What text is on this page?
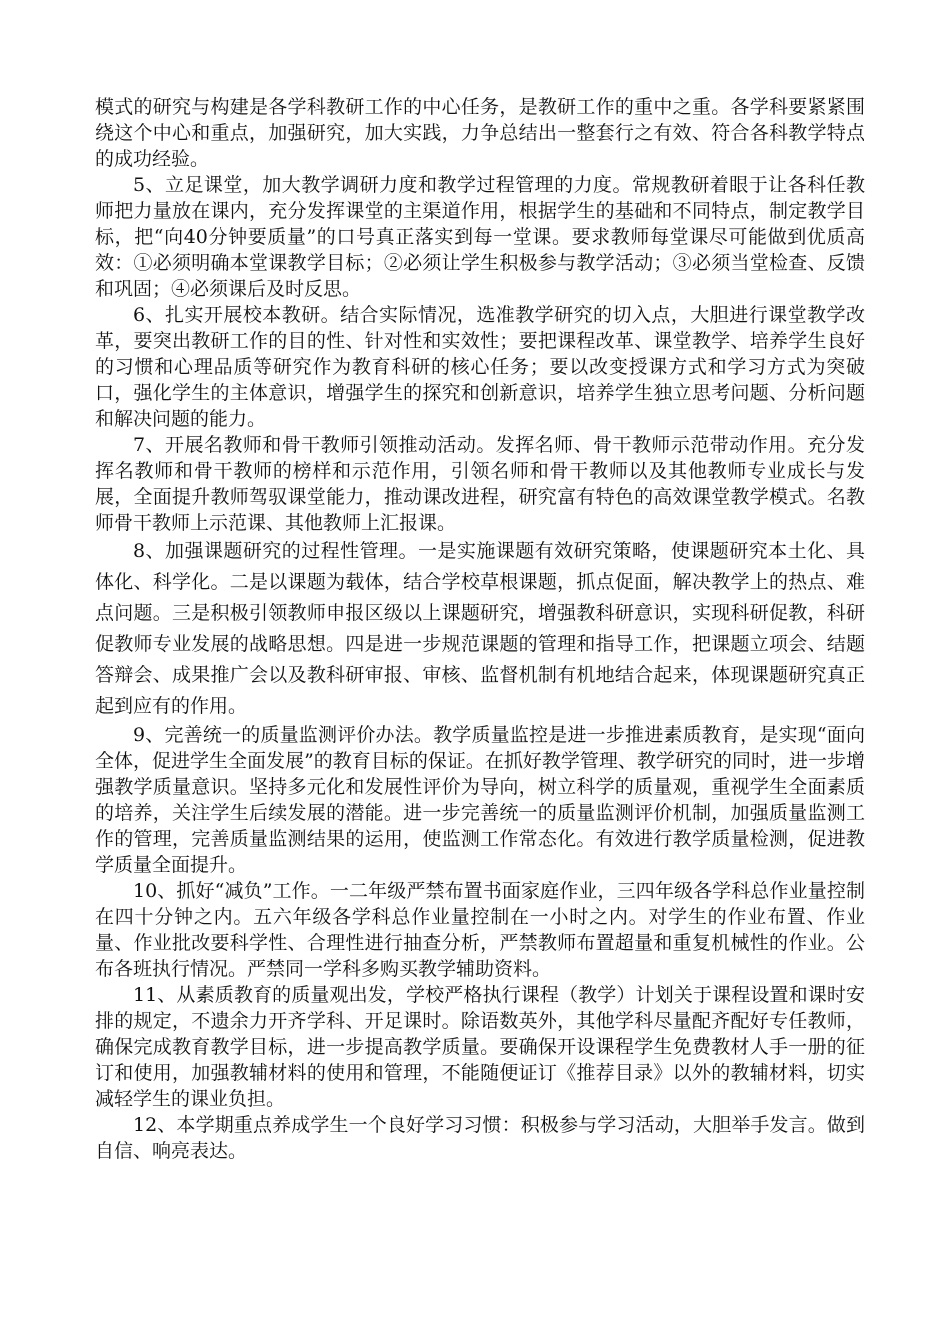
模式的研究与构建是各学科教研工作的中心任务，是教研工作的重中之重。各学科要紧紧围绕这个中心和重点，加强研究，加大实践，力争总结出一整套行之有效、符合各科教学特点的成功经验。

5、立足课堂，加大教学调研力度和教学过程管理的力度。常规教研着眼于让各科任教师把力量放在课内，充分发挥课堂的主渠道作用，根据学生的基础和不同特点，制定教学目标，把“向40分钟要质量”的口号真正落实到每一堂课。要求教师每堂课尽可能做到优质高效：①必须明确本堂课教学目标；②必须让学生积极参与教学活动；③必须当堂检查、反馈和巩固；④必须课后及时反思。

6、扎实开展校本教研。结合实际情况，选准教学研究的切入点，大胆进行课堂教学改革，要突出教研工作的目的性、针对性和实效性；要把课程改革、课堂教学、培养学生良好的习惯和心理品质等研究作为教育科研的核心任务；要以改变授课方式和学习方式为突破口，强化学生的主体意识，增强学生的探究和创新意识，培养学生独立思考问题、分析问题和解决问题的能力。

7、开展名教师和骨干教师引领推动活动。发挥名师、骨干教师示范带动作用。充分发挥名教师和骨干教师的榜样和示范作用，引领名师和骨干教师以及其他教师专业成长与发展，全面提升教师驾驭课堂能力，推动课改进程，研究富有特色的高效课堂教学模式。名教师骨干教师上示范课、其他教师上汇报课。

8、加强课题研究的过程性管理。一是实施课题有效研究策略，使课题研究本土化、具体化、科学化。二是以课题为载体，结合学校草根课题，抓点促面，解决教学上的热点、难点问题。三是积极引领教师申报区级以上课题研究，增强教科研意识，实现科研促教，科研促教师专业发展的战略思想。四是进一步规范课题的管理和指导工作，把课题立项会、结题答辩会、成果推广会以及教科研审报、审核、监督机制有机地结合起来，体现课题研究真正起到应有的作用。

9、完善统一的质量监测评价办法。教学质量监控是进一步推进素质教育，是实现“面向全体，促进学生全面发展”的教育目标的保证。在抓好教学管理、教学研究的同时，进一步增强教学质量意识。坚持多元化和发展性评价为导向，树立科学的质量观，重视学生全面素质的培养，关注学生后续发展的潜能。进一步完善统一的质量监测评价机制，加强质量监测工作的管理，完善质量监测结果的运用，使监测工作常态化。有效进行教学质量检测，促进教学质量全面提升。

10、抓好“减负”工作。一二年级严禁布置书面家庭作业，三四年级各学科总作业量控制在四十分钟之内。五六年级各学科总作业量控制在一小时之内。对学生的作业布置、作业量、作业批改要科学性、合理性进行抽查分析，严禁教师布置超量和重复机械性的作业。公布各班执行情况。严禁同一学科多购买教学辅助资料。

11、从素质教育的质量观出发，学校严格执行课程（教学）计划关于课程设置和课时安排的规定，不遗余力开齐学科、开足课时。除语数英外，其他学科尽量配齐配好专任教师，确保完成教育教学目标，进一步提高教学质量。要确保开设课程学生免费教材人手一册的征订和使用，加强教辅材料的使用和管理，不能随便证订《推荐目录》以外的教辅材料，切实减轻学生的课业负担。

12、本学期重点养成学生一个良好学习习惯：积极参与学习活动，大胆举手发言。做到自信、响亮表达。
